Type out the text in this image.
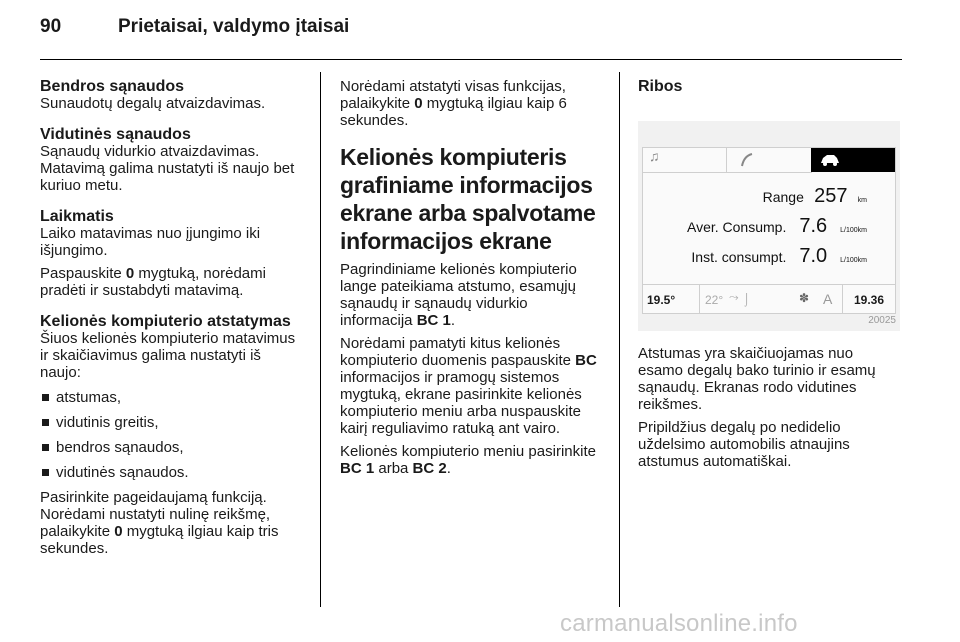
90	Prietaisai, valdymo įtaisai

Bendros sąnaudos

Sunaudotų degalų atvaizdavimas.

Vidutinės sąnaudos

Sąnaudų vidurkio atvaizdavimas. Matavimą galima nustatyti iš naujo bet kuriuo metu.

Laikmatis

Laiko matavimas nuo įjungimo iki išjungimo.

Paspauskite 0 mygtuką, norėdami pradėti ir sustabdyti matavimą.

Kelionės kompiuterio atstatymas

Šiuos kelionės kompiuterio matavimus ir skaičiavimus galima nustatyti iš naujo:

atstumas,
vidutinis greitis,
bendros sąnaudos,
vidutinės sąnaudos.

Pasirinkite pageidaujamą funkciją. Norėdami nustatyti nulinę reikšmę, palaikykite 0 mygtuką ilgiau kaip tris sekundes.

Norėdami atstatyti visas funkcijas, palaikykite 0 mygtuką ilgiau kaip 6 sekundes.

Kelionės kompiuteris grafiniame informacijos ekrane arba spalvotame informacijos ekrane

Pagrindiniame kelionės kompiuterio lange pateikiama atstumo, esamųjų sąnaudų ir sąnaudų vidurkio informacija BC 1.

Norėdami pamatyti kitus kelionės kompiuterio duomenis paspauskite BC informacijos ir pramogų sistemos mygtuką, ekrane pasirinkite kelionės kompiuterio meniu arba nuspauskite kairį reguliavimo ratuką ant vairo.

Kelionės kompiuterio meniu pasirinkite BC 1 arba BC 2.

Ribos

♫
Range 257 km
Aver. Consump. 7.6 L/100km
Inst. consumpt. 7.0 L/100km
19.5° 22° ⤳ ⌡	✽ A 19.36
20025

Atstumas yra skaičiuojamas nuo esamo degalų bako turinio ir esamų sąnaudų. Ekranas rodo vidutines reikšmes.

Pripildžius degalų po nedidelio uždelsimo automobilis atnaujins atstumus automatiškai.

carmanualsonline.info
